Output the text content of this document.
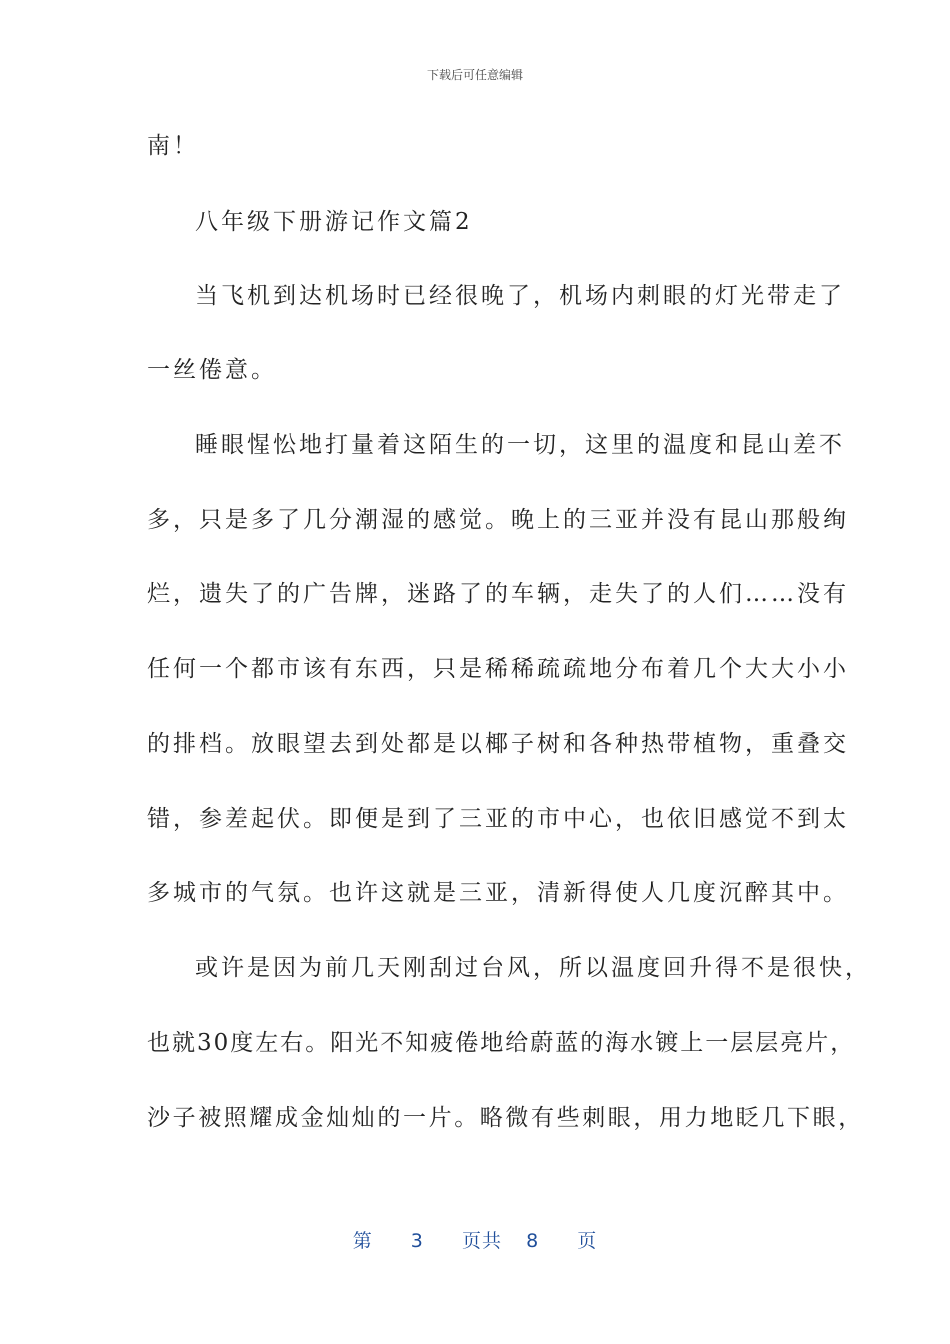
下载后可任意编辑
南！
八年级下册游记作文篇2
当飞机到达机场时已经很晚了，机场内刺眼的灯光带走了
一丝倦意。
睡眼惺忪地打量着这陌生的一切，这里的温度和昆山差不
多，只是多了几分潮湿的感觉。晚上的三亚并没有昆山那般绚
烂，遗失了的广告牌，迷路了的车辆，走失了的人们……没有
任何一个都市该有东西，只是稀稀疏疏地分布着几个大大小小
的排档。放眼望去到处都是以椰子树和各种热带植物，重叠交
错，参差起伏。即便是到了三亚的市中心，也依旧感觉不到太
多城市的气氛。也许这就是三亚，清新得使人几度沉醉其中。
或许是因为前几天刚刮过台风，所以温度回升得不是很快，
也就30度左右。阳光不知疲倦地给蔚蓝的海水镀上一层层亮片，
沙子被照耀成金灿灿的一片。略微有些刺眼，用力地眨几下眼，
第 3 页共 8 页
